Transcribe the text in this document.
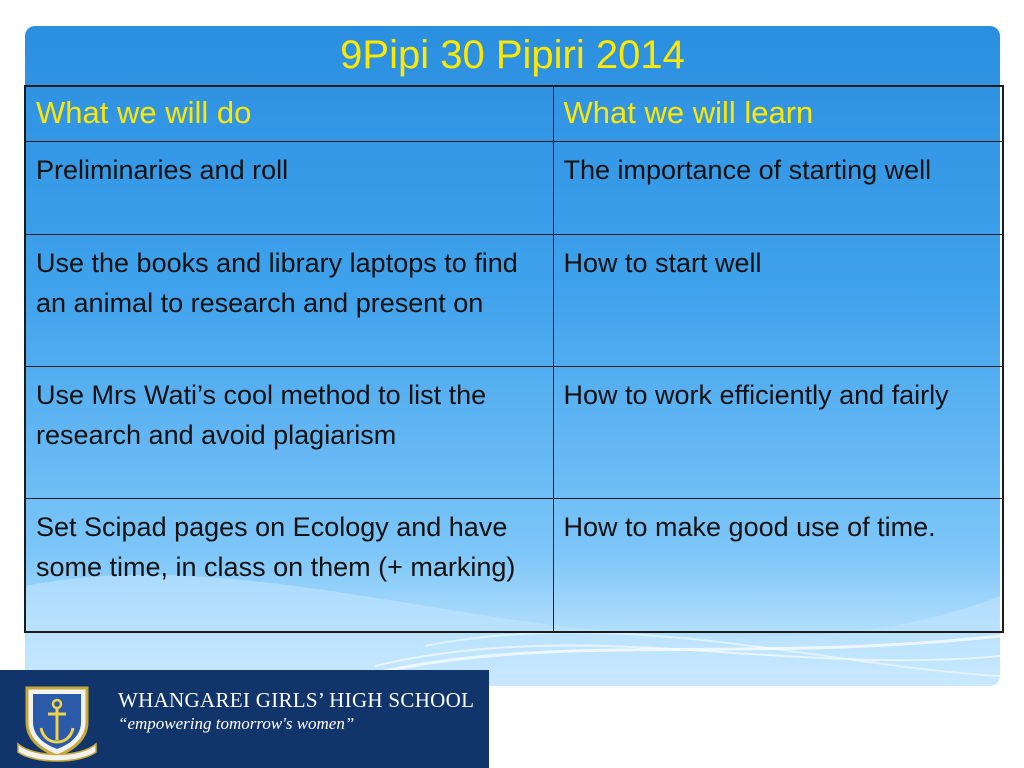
9Pipi 30 Pipiri 2014
What we will do	What we will learn
Preliminaries and roll	The importance of starting well
Use the books and library laptops to find an animal to research and present on	How to start well
Use Mrs Wati’s cool method to list the research and avoid plagiarism	How to work efficiently and fairly
Set Scipad pages on Ecology and have some time, in class on them (+ marking)	How to make good use of time.
WHANGAREI GIRLS’ HIGH SCHOOL
“empowering tomorrow's women”
